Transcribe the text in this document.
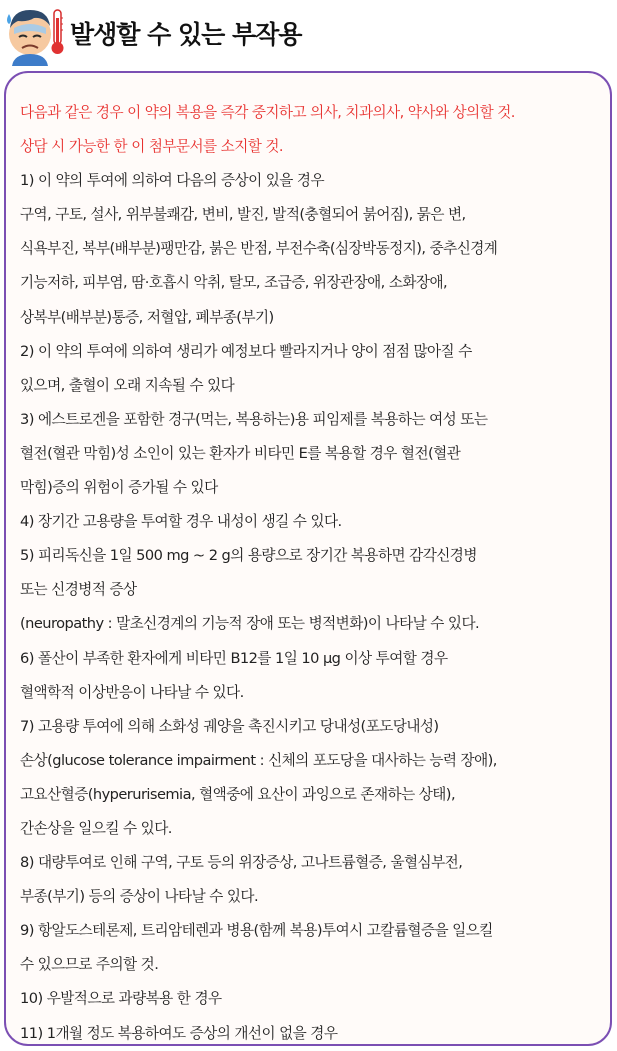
발생할 수 있는 부작용
다음과 같은 경우 이 약의 복용을 즉각 중지하고 의사, 치과의사, 약사와 상의할 것.
상담 시 가능한 한 이 첨부문서를 소지할 것.
1) 이 약의 투여에 의하여 다음의 증상이 있을 경우
구역, 구토, 설사, 위부불쾌감, 변비, 발진, 발적(충혈되어 붉어짐), 묽은 변,
식욕부진, 복부(배부분)팽만감, 붉은 반점, 부전수축(심장박동정지), 중추신경계
기능저하, 피부염, 땀·호흡시 악취, 탈모, 조급증, 위장관장애, 소화장애,
상복부(배부분)통증, 저혈압, 폐부종(부기)
2) 이 약의 투여에 의하여 생리가 예정보다 빨라지거나 양이 점점 많아질 수
있으며, 출혈이 오래 지속될 수 있다
3) 에스트로겐을 포함한 경구(먹는, 복용하는)용 피임제를 복용하는 여성 또는
혈전(혈관 막힘)성 소인이 있는 환자가 비타민 E를 복용할 경우 혈전(혈관
막힘)증의 위험이 증가될 수 있다
4) 장기간 고용량을 투여할 경우 내성이 생길 수 있다.
5) 피리독신을 1일 500 mg ~ 2 g의 용량으로 장기간 복용하면 감각신경병
또는 신경병적 증상
(neuropathy : 말초신경계의 기능적 장애 또는 병적변화)이 나타날 수 있다.
6) 폴산이 부족한 환자에게 비타민 B12를 1일 10 μg 이상 투여할 경우
혈액학적 이상반응이 나타날 수 있다.
7) 고용량 투여에 의해 소화성 궤양을 촉진시키고 당내성(포도당내성)
손상(glucose tolerance impairment : 신체의 포도당을 대사하는 능력 장애),
고요산혈증(hyperurisemia, 혈액중에 요산이 과잉으로 존재하는 상태),
간손상을 일으킬 수 있다.
8) 대량투여로 인해 구역, 구토 등의 위장증상, 고나트륨혈증, 울혈심부전,
부종(부기) 등의 증상이 나타날 수 있다.
9) 항알도스테론제, 트리암테렌과 병용(함께 복용)투여시 고칼륨혈증을 일으킬
수 있으므로 주의할 것.
10) 우발적으로 과량복용 한 경우
11) 1개월 정도 복용하여도 증상의 개선이 없을 경우
